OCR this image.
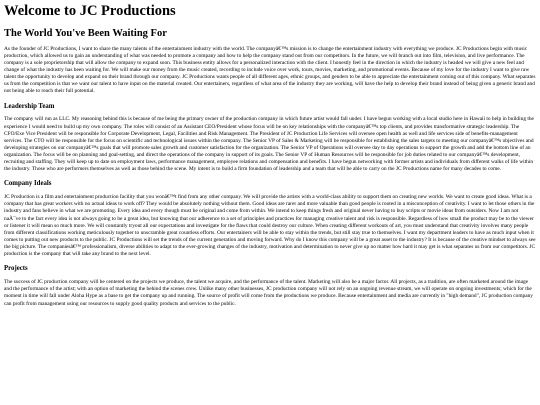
Welcome to JC Productions
The World You've Been Waiting For

As the founder of JC Productions, I want to share the many talents of the entertainment industry with the world. The companyâ€™s mission is to change the entertainment industry with everything we produce. JC Productions begin with music production, which allowed us to gain an understanding of what was needed to promote a company and how to help the company stand out from our competitors. In the future, we will branch out into film, television, and live performance. The company is a sole proprietorship that will allow the company to expand soon. This business entity allows for a personalized interaction with the client. I honestly feel in the direction in which the industry is headed we will give a new feel and change of what the industry has been waiting for. We will make our money from the music created, recording to include voice over work, tours, movies, marketing, and promotional events. Because of my love for the industry I want to give raw talent the opportunity to develop and expand on their brand through our company. JC Productions wants people of all different ages, ethnic groups, and genders to be able to appreciate the entertainment coming out of this company. What separates us from the competition is that we want our talent to have input on the material created. Our entertainers, regardless of what area of the industry they are working, will have the help to develop their brand instead of being given a generic brand and not being able to reach their full potential.

Leadership Team

The company will run as LLC. My reasoning behind this is because of me being the primary owner of the production company in which future artist would fall under. I have begun working with a local studio here in Hawaii to help in building the experience I would need to build up my own company. The roles will consist of an Assistant CEO/President whose focus will be on key relationships with the companyâ€™s top clients, and provides transformative strategic leadership. The CFO/Exe Vice President will be responsible for Corporate Development, Legal, Facilities and Risk Management. The President of JC Production Life Services will oversee open health as well and life services side of benefits-management services. The CTO will be responsible for the focus on scientific and technological issues within the company. The Senior VP of Sales & Marketing will be responsible for establishing the sales targets to meeting our companyâ€™s objectives and developing strategies on our companyâ€™s goals that will promote sales growth and customer satisfaction for the organization. The Senior VP of Operations will oversee day to day operations to support the growth and add the bottom line of an organization. The focus will be on planning and goal-setting, and direct the operations of the company in support of its goals. The Senior VP of Human Resources will be responsible for job duties related to our companyâ€™s development, recruiting and staffing. They will keep up to date on employment laws, performance management, employee relations and compensation and benefits. I have begun networking with former artists and individuals from different walks of life within the industry. Those who are performers themselves as well as those behind the scene. My intent is to build a firm foundation of leadership and a team that will be able to carry on the JC Productions name for many decades to come.

Company Ideals

JC Production is a film and entertainment production facility that you wonâ€™t find from any other company. We will provide the artists with a world-class ability to support them on creating new worlds. We want to create good ideas. What is a company that has great workers with no actual ideas to work off? They would be absolutely nothing without them. Good ideas are rarer and more valuable than good people is rooted in a misconception of creativity. I want to let those others in the industry and fans believe in what we are promoting. Every idea and every though must be original and come from within. We intend to keep things fresh and original never having to buy scripts or movie ideas from outsiders. Now I am not naÃ¯ve to the fact every idea is not always going to be a great idea, but knowing that our adherence to a set of principles and practices for managing creative talent and risk is responsible. Regardless of how small the product may be to the viewer or listener it will mean so much more. We will constantly tryout all our expectations and investigate for the flaws that could destroy our culture. When creating different workouts of art, you must understand that creativity involves many people from different classifications working meticulously together to unscramble great countless efforts. Our entertainers will be able to stay within the trends, but still stay true to themselves. I want my department leaders to have as much input when it comes to putting out new products to the public. JC Productions will set the trends of the current generation and moving forward. Why do I know this company will be a great asset to the industry? It is because of the creative mindset to always see the big picture. The companiesâ€™ professionalism, diverse abilities to adapt to the ever-growing changes of the industry, motivation and determination to never give up no matter how hard it may get is what separates us from our competitors. JC production is the company that will take any brand to the next level.

Projects

The success of JC production company will be centered on the projects we produce, the talent we acquire, and the performance of the talent. Marketing will also be a major factor. All projects, as a tradition, are often marketed around the image and the performance of the artist; with an option of marketing the behind the scenes crew. Unlike many other businesses, JC production company will not rely on an ongoing revenue stream, we will operate on ongoing investments; which for the moment in time will fall under Aloha Hype as a base to get the company up and running. The source of profit will come from the productions we produce. Because entertainment and media are currently in "high demand", JC production company can profit from management using our resources to supply good quality products and services to the public.
